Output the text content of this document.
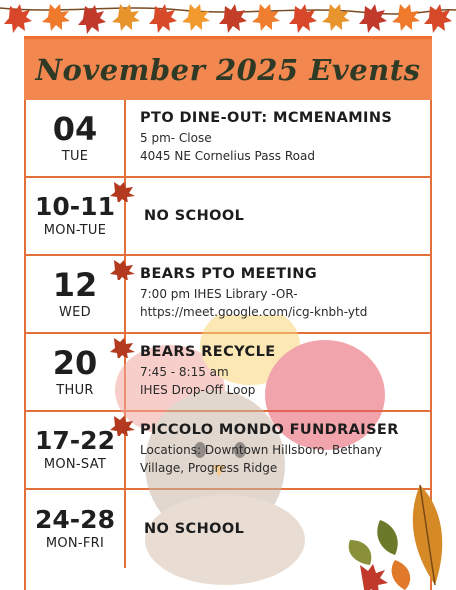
November 2025 Events
04
TUE
PTO DINE-OUT: MCMENAMINS
5 pm- Close
4045 NE Cornelius Pass Road
10-11
MON-TUE
NO SCHOOL
12
WED
BEARS PTO MEETING
7:00 pm IHES Library -OR-
https://meet.google.com/icg-knbh-ytd
20
THUR
BEARS RECYCLE
7:45 - 8:15 am
IHES Drop-Off Loop
17-22
MON-SAT
PICCOLO MONDO FUNDRAISER
Locations: Downtown Hillsboro, Bethany
Village, Progress Ridge
24-28
MON-FRI
NO SCHOOL
